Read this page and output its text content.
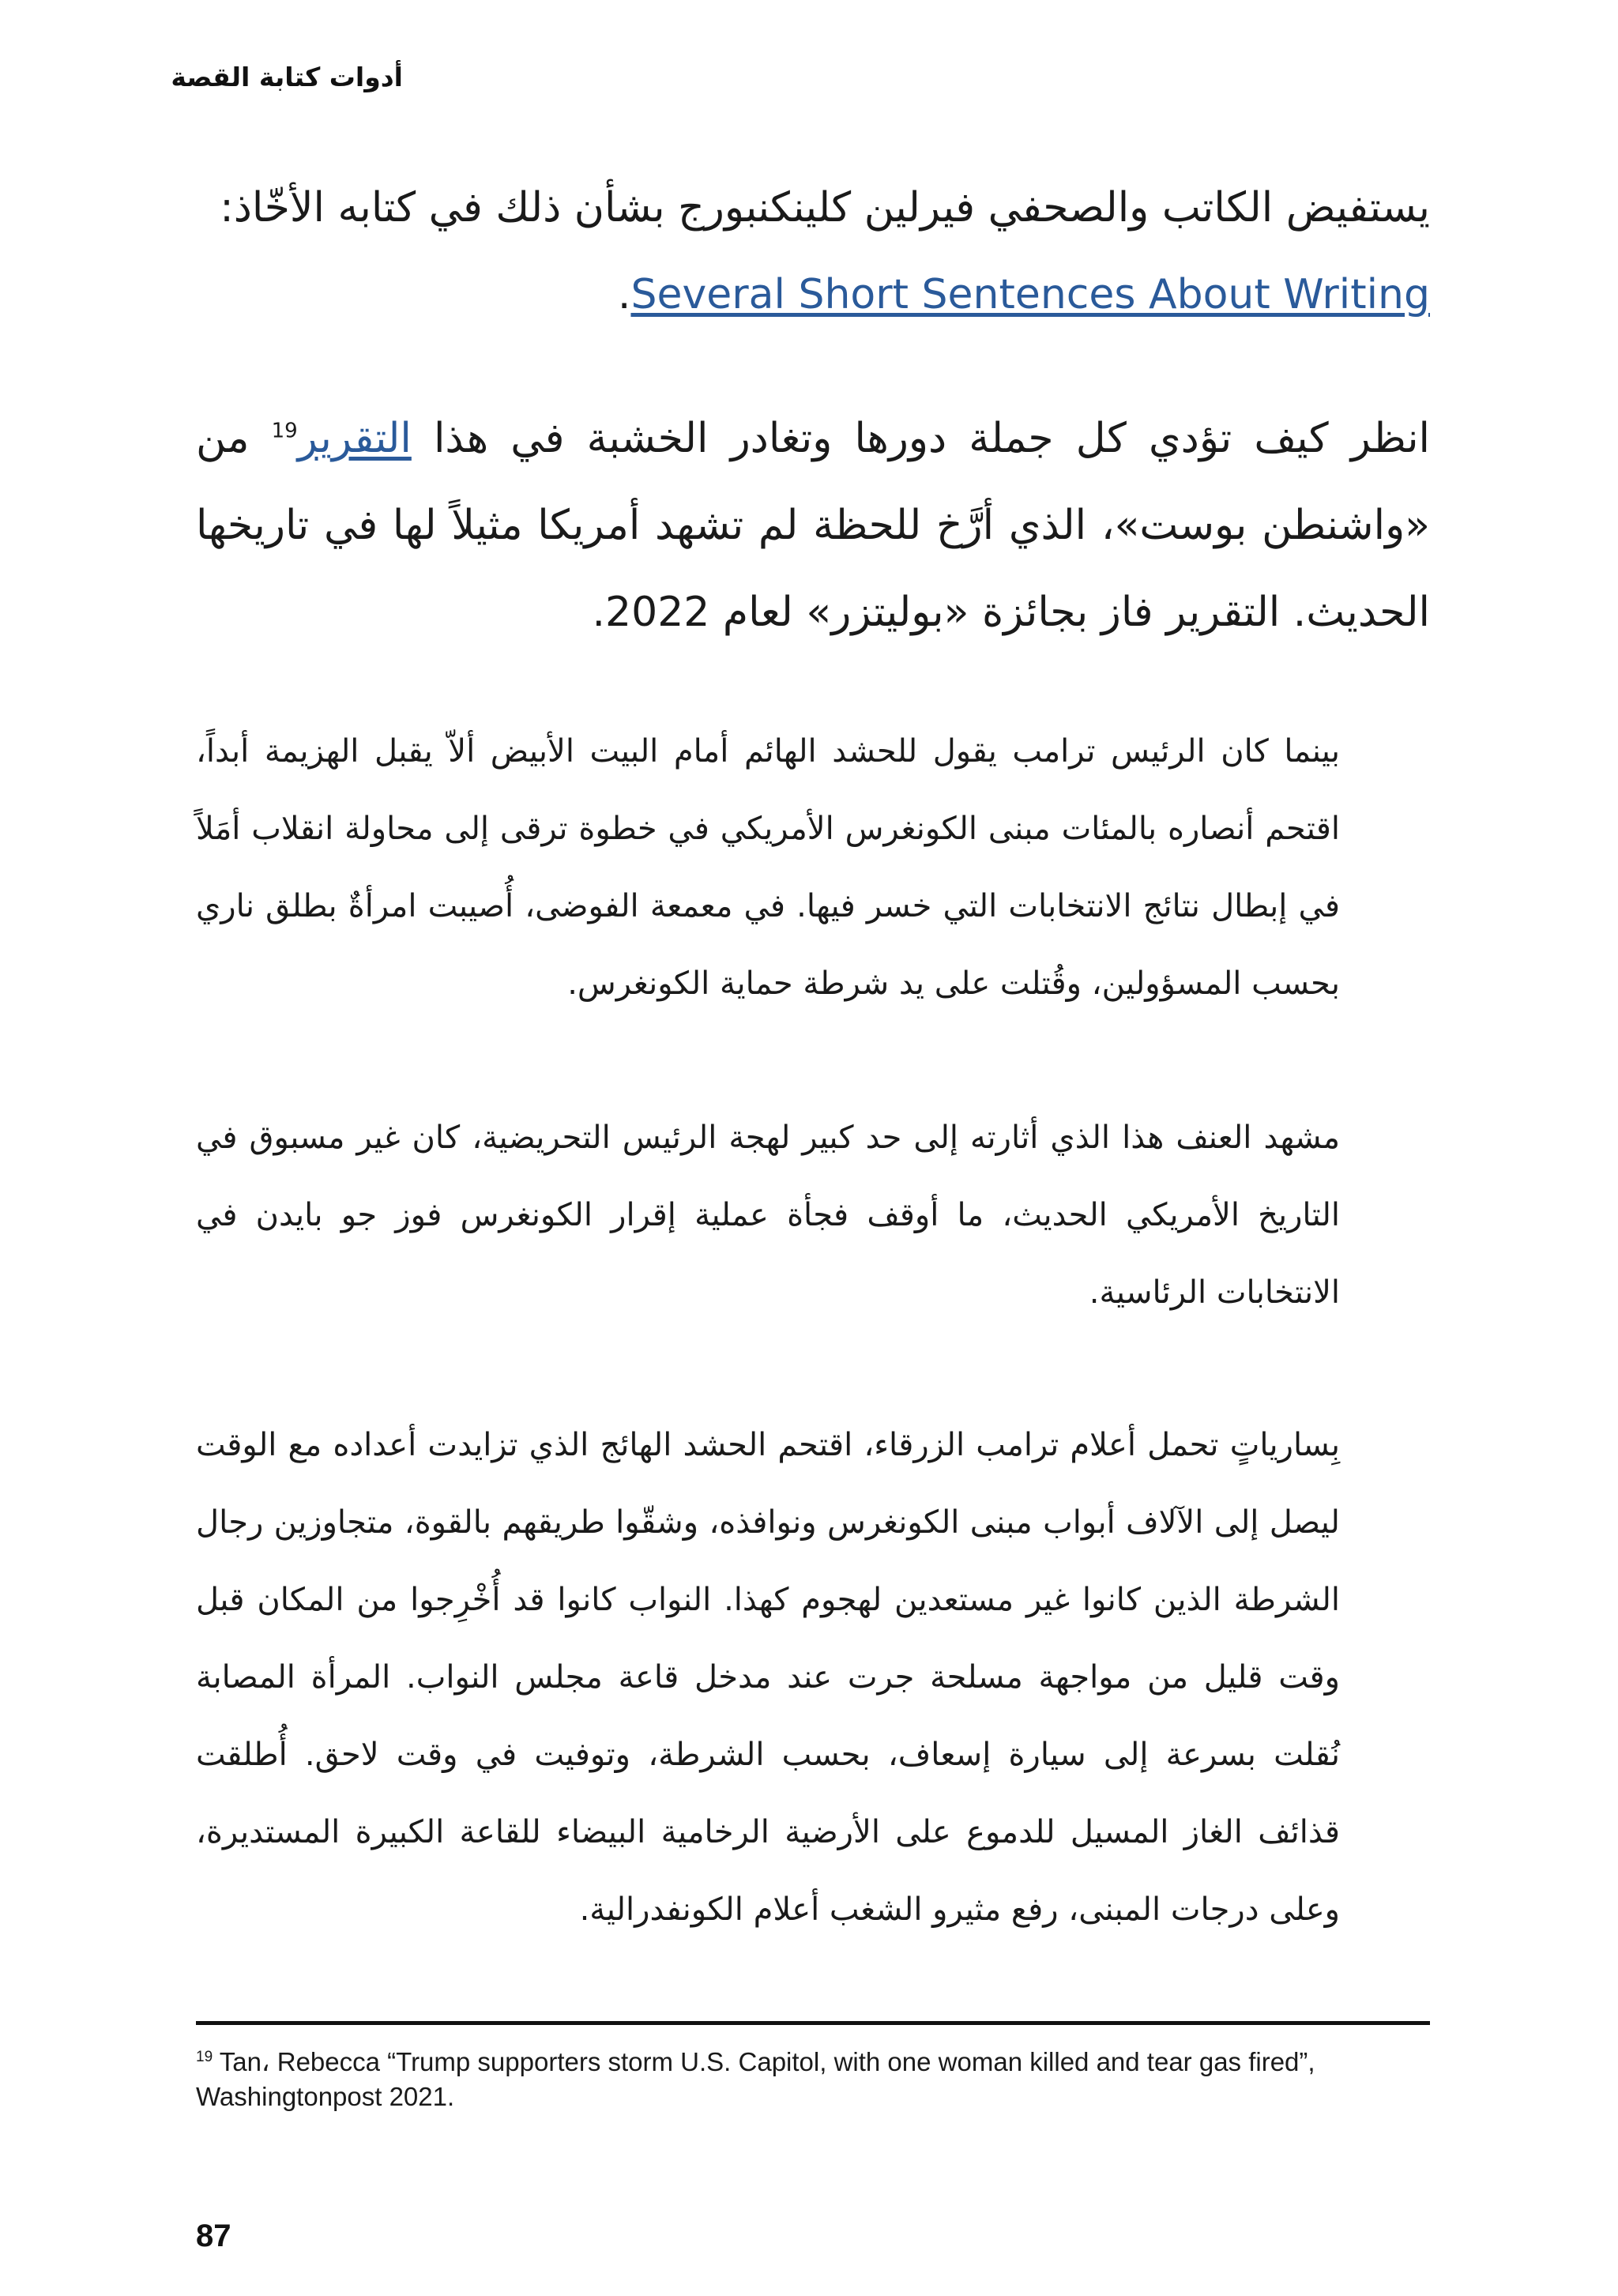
أدوات كتابة القصة

يستفيض الكاتب والصحفي فيرلين كلينكنبورج بشأن ذلك في كتابه الأخّاذ: Several Short Sentences About Writing.

انظر كيف تؤدي كل جملة دورها وتغادر الخشبة في هذا التقرير$^{19}$ من «واشنطن بوست»، الذي أرَّخ للحظة لم تشهد أمريكا مثيلاً لها في تاريخها الحديث. التقرير فاز بجائزة «بوليتزر» لعام 2022.

بينما كان الرئيس ترامب يقول للحشد الهائم أمام البيت الأبيض ألاّ يقبل الهزيمة أبداً، اقتحم أنصاره بالمئات مبنى الكونغرس الأمريكي في خطوة ترقى إلى محاولة انقلاب أمَلاً في إبطال نتائج الانتخابات التي خسر فيها. في معمعة الفوضى، أُصيبت امرأةٌ بطلق ناري بحسب المسؤولين، وقُتلت على يد شرطة حماية الكونغرس.

مشهد العنف هذا الذي أثارته إلى حد كبير لهجة الرئيس التحريضية، كان غير مسبوق في التاريخ الأمريكي الحديث، ما أوقف فجأة عملية إقرار الكونغرس فوز جو بايدن في الانتخابات الرئاسية.

بِسارياتٍ تحمل أعلام ترامب الزرقاء، اقتحم الحشد الهائج الذي تزايدت أعداده مع الوقت ليصل إلى الآلاف أبواب مبنى الكونغرس ونوافذه، وشقّوا طريقهم بالقوة، متجاوزين رجال الشرطة الذين كانوا غير مستعدين لهجوم كهذا. النواب كانوا قد أُخْرِجوا من المكان قبل وقت قليل من مواجهة مسلحة جرت عند مدخل قاعة مجلس النواب. المرأة المصابة نُقلت بسرعة إلى سيارة إسعاف، بحسب الشرطة، وتوفيت في وقت لاحق. أُطلقت قذائف الغاز المسيل للدموع على الأرضية الرخامية البيضاء للقاعة الكبيرة المستديرة، وعلى درجات المبنى، رفع مثيرو الشغب أعلام الكونفدرالية.

$^{19}$ Tan، Rebecca “Trump supporters storm U.S. Capitol, with one woman killed and tear gas fired”, Washingtonpost 2021.
87
